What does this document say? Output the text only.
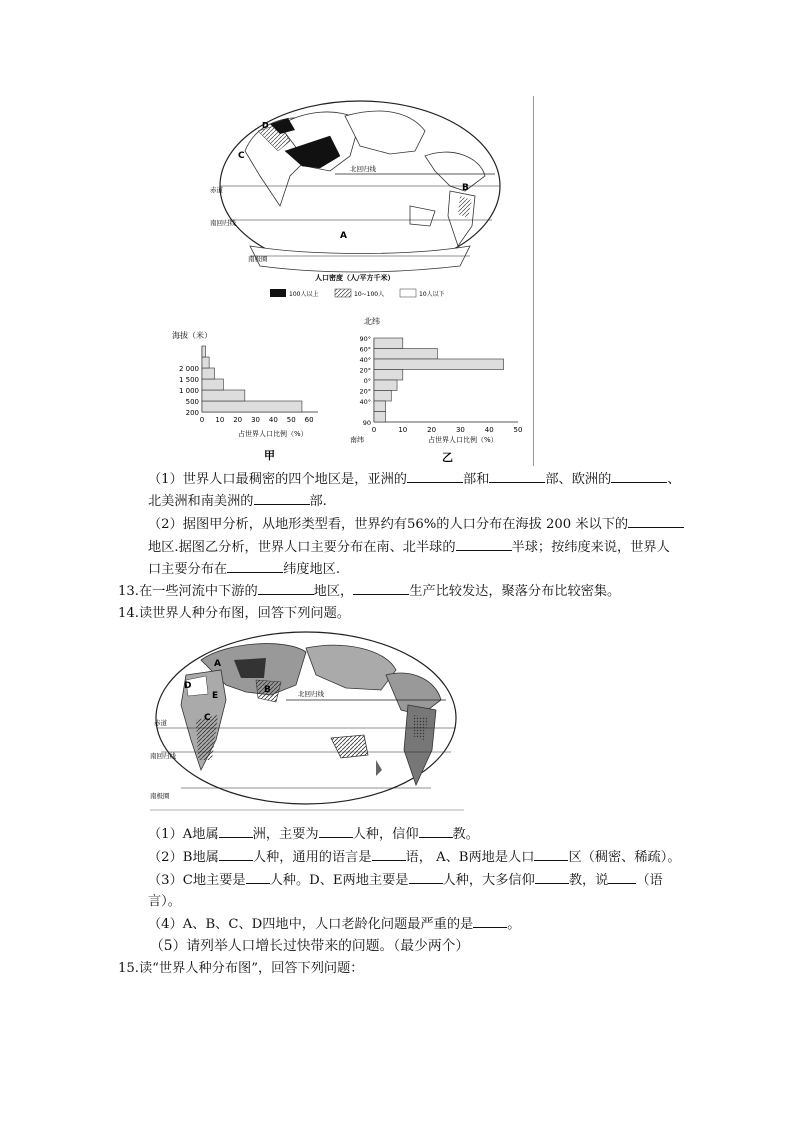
北回归线
赤道
南回归线
南极圈
C
D
B
A
人口密度（人/平方千米）
100人以上	10~100人	10人以下
海拔（米）
占世界人口比例（%）
甲
200
500
1 000
1 500
2 000
0 10 20 30 40 50 60
北纬
南纬	占世界人口比例（%）
乙
90°
60°
40°
20°
0°
20°
40°
90
0	10	20	30	40	50
（1）世界人口最稠密的四个地区是，亚洲的	部和	部、欧洲的	、
北美洲和南美洲的	部.
（2）据图甲分析，从地形类型看，世界约有56%的人口分布在海拔 200 米以下的
地区.据图乙分析，世界人口主要分布在南、北半球的	半球；按纬度来说，世界人
口主要分布在	纬度地区.
13.在一些河流中下游的	地区，	生产比较发达，聚落分布比较密集。
14.读世界人种分布图，回答下列问题。
北回归线
赤道
南回归线
南极圈
A
B
C
D
E
（1）A地属	洲，主要为	人种，信仰	教。
（2）B地属	人种，通用的语言是	语， A、B两地是人口	区（稠密、稀疏）。
（3）C地主要是 人种。D、E两地主要是	人种，大多信仰	教，说 （语
言）。
（4）A、B、C、D四地中，人口老龄化问题最严重的是	。
（5）请列举人口增长过快带来的问题。（最少两个）
15.读“世界人种分布图”，回答下列问题：
